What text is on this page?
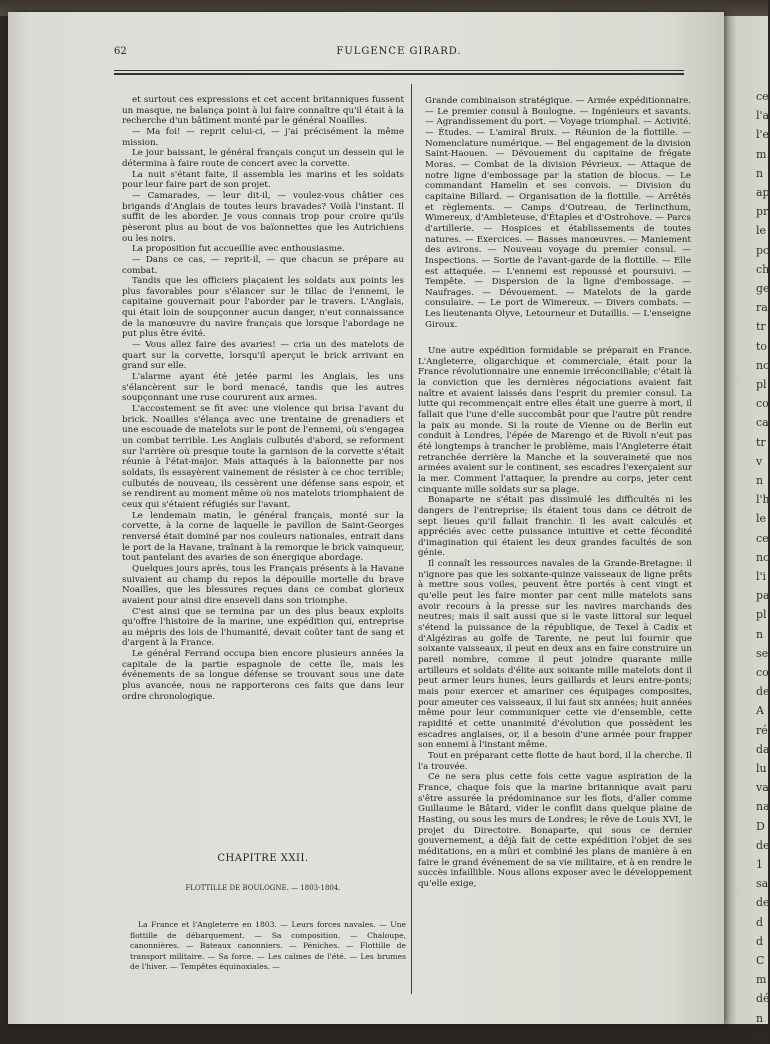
ce
l'a
l'e
m
n
ap
pr
le
pc
ch
ge
ra
tr
to
no
pl
co
ca
tr
v
n
l'h
le
ce
no
l'i
pa
pl
n
se
co
de
A
ré
da
lu
va
na
D
de
1
sa
de
d
d
C
m
dé
n
vi
62	FULGENCE GIRARD.

et surtout ces expressions et cet accent britanniques fussent un masque, ne balança point à lui faire connaître qu'il était à la recherche d'un bâtiment monté par le général Noailles.

— Ma foi! — reprit celui-ci, — j'ai précisément la même mission.

Le jour baissant, le général français conçut un dessein qui le détermina à faire route de concert avec la corvette.

La nuit s'étant faite, il assembla les marins et les soldats pour leur faire part de son projet.

— Camarades, — leur dit-il, — voulez-vous châtier ces brigands d'Anglais de toutes leurs bravades? Voilà l'instant. Il suffit de les aborder. Je vous connais trop pour croire qu'ils pèseront plus au bout de vos baïonnettes que les Autrichiens ou les noirs.

La proposition fut accueillie avec enthousiasme.

— Dans ce cas, — reprit-il, — que chacun se prépare au combat.

Tandis que les officiers plaçaient les soldats aux points les plus favorables pour s'élancer sur le tillac de l'ennemi, le capitaine gouvernait pour l'aborder par le travers. L'Anglais, qui était loin de soupçonner aucun danger, n'eut connaissance de la manœuvre du navire français que lorsque l'abordage ne put plus être évité.

— Vous allez faire des avaries! — cria un des matelots de quart sur la corvette, lorsqu'il aperçut le brick arrivant en grand sur elle.

L'alarme ayant été jetée parmi les Anglais, les uns s'élancèrent sur le bord menacé, tandis que les autres soupçonnant une ruse coururent aux armes.

L'accostement se fit avec une violence qui brisa l'avant du brick. Noailles s'élança avec une trentaine de grenadiers et une escouade de matelots sur le pont de l'ennemi, où s'engagea un combat terrible. Les Anglais culbutés d'abord, se reforment sur l'arrière où presque toute la garnison de la corvette s'était réunie à l'état-major. Mais attaqués à la baïonnette par nos soldats, ils essayèrent vainement de résister à ce choc terrible; culbutés de nouveau, ils cessèrent une défense sans espoir, et se rendirent au moment même où nos matelots triomphaient de ceux qui s'étaient réfugiés sur l'avant.

Le lendemain matin, le général français, monté sur la corvette, à la corne de laquelle le pavillon de Saint-Georges renversé était dominé par nos couleurs nationales, entrait dans le port de la Havane, traînant à la remorque le brick vainqueur, tout pantelant des avaries de son énergique abordage.

Quelques jours après, tous les Français présents à la Havane suivaient au champ du repos la dépouille mortelle du brave Noailles, que les blessures reçues dans ce combat glorieux avaient pour ainsi dire enseveli dans son triomphe.

C'est ainsi que se termina par un des plus beaux exploits qu'offre l'histoire de la marine, une expédition qui, entreprise au mépris des lois de l'humanité, devait coûter tant de sang et d'argent à la France.

Le général Ferrand occupa bien encore plusieurs années la capitale de la partie espagnole de cette île, mais les événements de sa longue défense se trouvant sous une date plus avancée, nous ne rapporterons ces faits que dans leur ordre chronologique.

CHAPITRE XXII.
FLOTTILLE DE BOULOGNE. — 1803-1804.

La France et l'Angleterre en 1803. — Leurs forces navales. — Une flottille de débarquement. — Sa composition. — Chaloupe, canonnières. — Bateaux canonniers. — Péniches. — Flottille de transport militaire. — Sa force. — Les calmes de l'été. — Les brumes de l'hiver. — Tempêtes équinoxiales. —

Grande combinaison stratégique. — Armée expéditionnaire. — Le premier consul à Boulogne. — Ingénieurs et savants. — Agrandissement du port. — Voyage triomphal. — Activité. — Études. — L'amiral Bruix. — Réunion de la flottille. — Nomenclature numérique. — Bel engagement de la division Saint-Haouen. — Dévouement du capitaine de frégate Moras. — Combat de la division Pévrieux. — Attaque de notre ligne d'embossage par la station de blocus. — Le commandant Hamelin et ses convois. — Division du capitaine Billard. — Organisation de la flottille. — Arrêtés et règlements. — Camps d'Outreau, de Terlincthum, Wimereux, d'Ambleteuse, d'Étaples et d'Ostrohove. — Parcs d'artillerie. — Hospices et établissements de toutes natures. — Exercices. — Basses manœuvres. — Maniement des avirons. — Nouveau voyage du premier consul. — Inspections. — Sortie de l'avant-garde de la flottille. — Elle est attaquée. — L'ennemi est repoussé et poursuivi. — Tempête. — Dispersion de la ligne d'embossage. — Naufrages. — Dévouement. — Matelots de la garde consulaire. — Le port de Wimereux. — Divers combats. — Les lieutenants Olyve, Letourneur et Dutaillis. — L'enseigne Giroux.

Une autre expédition formidable se préparait en France. L'Angleterre, oligarchique et commerciale, était pour la France révolutionnaire une ennemie irréconciliable; c'était là la conviction que les dernières négociations avaient fait naître et avaient laissés dans l'esprit du premier consul. La lutte qui recommençait entre elles était une guerre à mort, il fallait que l'une d'elle succombât pour que l'autre pût rendre la paix au monde. Si la route de Vienne ou de Berlin eut conduit à Londres, l'épée de Marengo et de Rivoli n'eut pas été longtemps à trancher le problème, mais l'Angleterre était retranchée derrière la Manche et la souveraineté que nos armées avaient sur le continent, ses escadres l'exerçaient sur la mer. Comment l'attaquer, la prendre au corps, jeter cent cinquante mille soldats sur sa plage.

Bonaparte ne s'était pas dissimulé les difficultés ni les dangers de l'entreprise; ils étaient tous dans ce détroit de sept lieues qu'il fallait franchir. Il les avait calculés et appréciés avec cette puissance intuitive et cette fécondité d'imagination qui étaient les deux grandes facultés de son génie.

Il connaît les ressources navales de la Grande-Bretagne: il n'ignore pas que les soixante-quinze vaisseaux de ligne prêts à mettre sous voiles, peuvent être portés à cent vingt et qu'elle peut les faire monter par cent mille matelots sans avoir recours à la presse sur les navires marchands des neutres; mais il sait aussi que si le vaste littoral sur lequel s'étend la puissance de la république, de Texel à Cadix et d'Algéziras au golfe de Tarente, ne peut lui fournir que soixante vaisseaux, il peut en deux ans en faire construire un pareil nombre, comme il peut joindre quarante mille artilleurs et soldats d'élite aux soixante mille matelots dont il peut armer leurs hunes, leurs gaillards et leurs entre-ponts; mais pour exercer et amariner ces équipages composites, pour ameuter ces vaisseaux, il lui faut six années; huit années même pour leur communiquer cette vie d'ensemble, cette rapidité et cette unanimité d'évolution que possèdent les escadres anglaises, or, il a besoin d'une armée pour frapper son ennemi à l'instant même.

Tout en préparant cette flotte de haut bord, il la cherche. Il l'a trouvée.

Ce ne sera plus cette fois cette vague aspiration de la France, chaque fois que la marine britannique avait paru s'être assurée la prédominance sur les flots, d'aller comme Guillaume le Bâtard, vider le conflit dans quelque plaine de Hasting, ou sous les murs de Londres; le rêve de Louis XVI, le projet du Directoire. Bonaparte, qui sous ce dernier gouvernement, a déjà fait de cette expédition l'objet de ses méditations, en a mûri et combiné les plans de manière à en faire le grand événement de sa vie militaire, et à en rendre le succès infaillible. Nous allons exposer avec le développement qu'elle exige,
